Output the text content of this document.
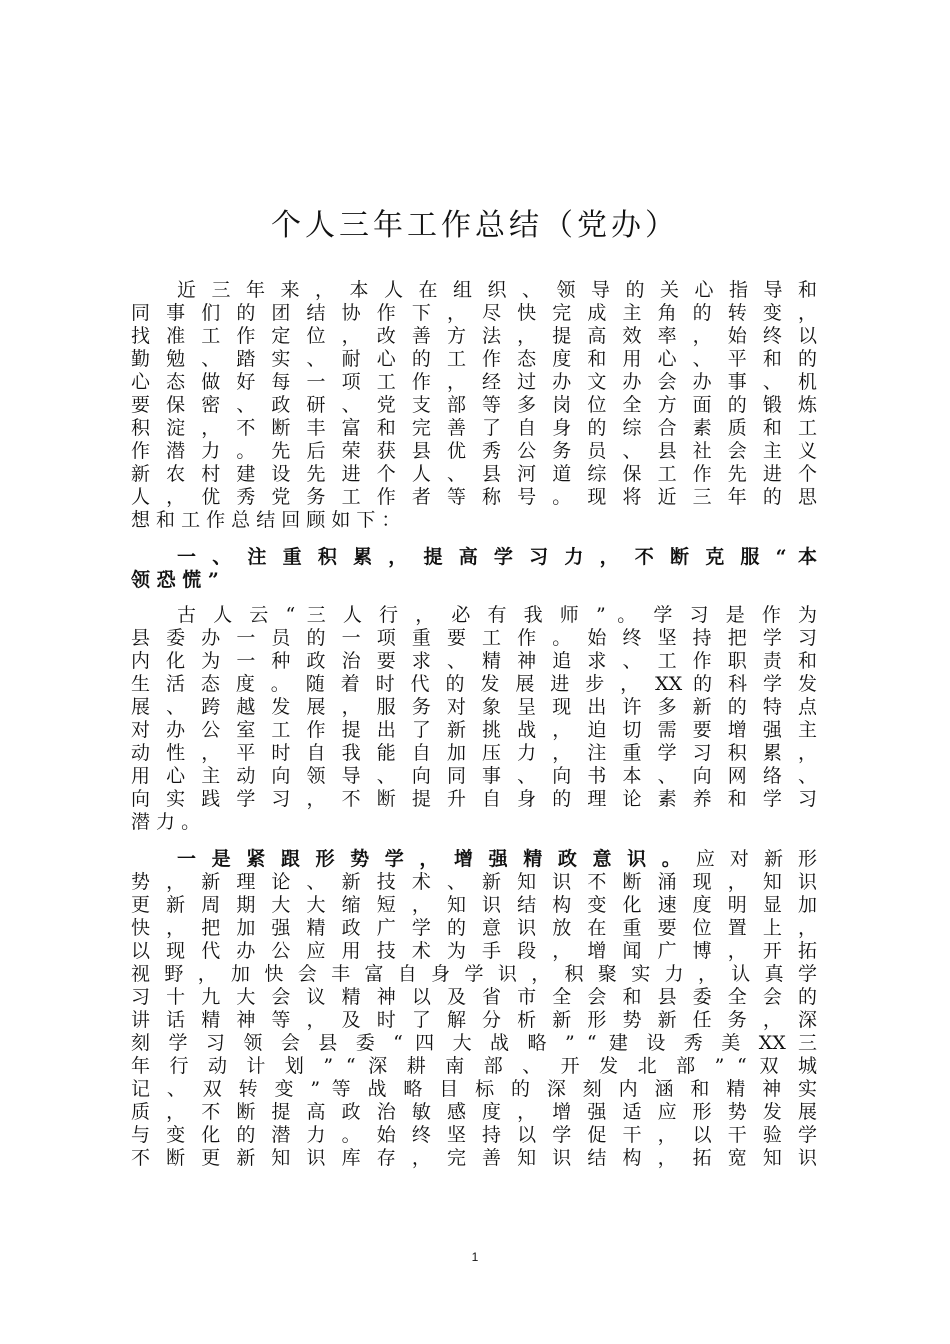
个人三年工作总结（党办）
近 三 年 来 ， 本 人 在 组 织 、 领 导 的 关 心 指 导 和
同 事 们 的 团 结 协 作 下 ， 尽 快 完 成 主 角 的 转 变 ，
找 准 工 作 定 位 ， 改 善 方 法 ， 提 高 效 率 ， 始 终 以
勤 勉 、 踏 实 、 耐 心 的 工 作 态 度 和 用 心 、 平 和 的
心 态 做 好 每 一 项 工 作 ， 经 过 办 文 办 会 办 事 、 机
要 保 密 、 政 研 、 党 支 部 等 多 岗 位 全 方 面 的 锻 炼
积 淀 ， 不 断 丰 富 和 完 善 了 自 身 的 综 合 素 质 和 工
作 潜 力 。 先 后 荣 获 县 优 秀 公 务 员 、 县 社 会 主 义
新 农 村 建 设 先 进 个 人 、 县 河 道 综 保 工 作 先 进 个
人 ， 优 秀 党 务 工 作 者 等 称 号 。 现 将 近 三 年 的 思
想 和 工 作 总 结 回 顾 如 下 ：
一 、 注 重 积 累 ， 提 高 学 习 力 ， 不 断 克 服 “ 本
领 恐 慌 ”
古 人 云 “ 三 人 行 ， 必 有 我 师 ” 。 学 习 是 作 为
县 委 办 一 员 的 一 项 重 要 工 作 。 始 终 坚 持 把 学 习
内 化 为 一 种 政 治 要 求 、 精 神 追 求 、 工 作 职 责 和
生 活 态 度 。 随 着 时 代 的 发 展 进 步 ， XX 的 科 学 发
展 、 跨 越 发 展 ， 服 务 对 象 呈 现 出 许 多 新 的 特 点
对 办 公 室 工 作 提 出 了 新 挑 战 ， 迫 切 需 要 增 强 主
动 性 ， 平 时 自 我 能 自 加 压 力 ， 注 重 学 习 积 累 ，
用 心 主 动 向 领 导 、 向 同 事 、 向 书 本 、 向 网 络 、
向 实 践 学 习 ， 不 断 提 升 自 身 的 理 论 素 养 和 学 习
潜 力 。
一 是 紧 跟 形 势 学 ， 增 强 精 政 意 识 。 应 对 新 形
势 ， 新 理 论 、 新 技 术 、 新 知 识 不 断 涌 现 ， 知 识
更 新 周 期 大 大 缩 短 ， 知 识 结 构 变 化 速 度 明 显 加
快 ， 把 加 强 精 政 广 学 的 意 识 放 在 重 要 位 置 上 ，
以 现 代 办 公 应 用 技 术 为 手 段 ， 增 闻 广 博 ， 开 拓
视 野 ， 加 快 会 丰 富 自 身 学 识 ， 积 聚 实 力 ， 认 真 学
习 十 九 大 会 议 精 神 以 及 省 市 全 会 和 县 委 全 会 的
讲 话 精 神 等 ， 及 时 了 解 分 析 新 形 势 新 任 务 ， 深
刻 学 习 领 会 县 委 “ 四 大 战 略 ” “ 建 设 秀 美 XX 三
年 行 动 计 划 ” “ 深 耕 南 部 、 开 发 北 部 ” “ 双 城
记 、 双 转 变 ” 等 战 略 目 标 的 深 刻 内 涵 和 精 神 实
质 ， 不 断 提 高 政 治 敏 感 度 ， 增 强 适 应 形 势 发 展
与 变 化 的 潜 力 。 始 终 坚 持 以 学 促 干 ， 以 干 验 学
不 断 更 新 知 识 库 存 ， 完 善 知 识 结 构 ， 拓 宽 知 识
1
